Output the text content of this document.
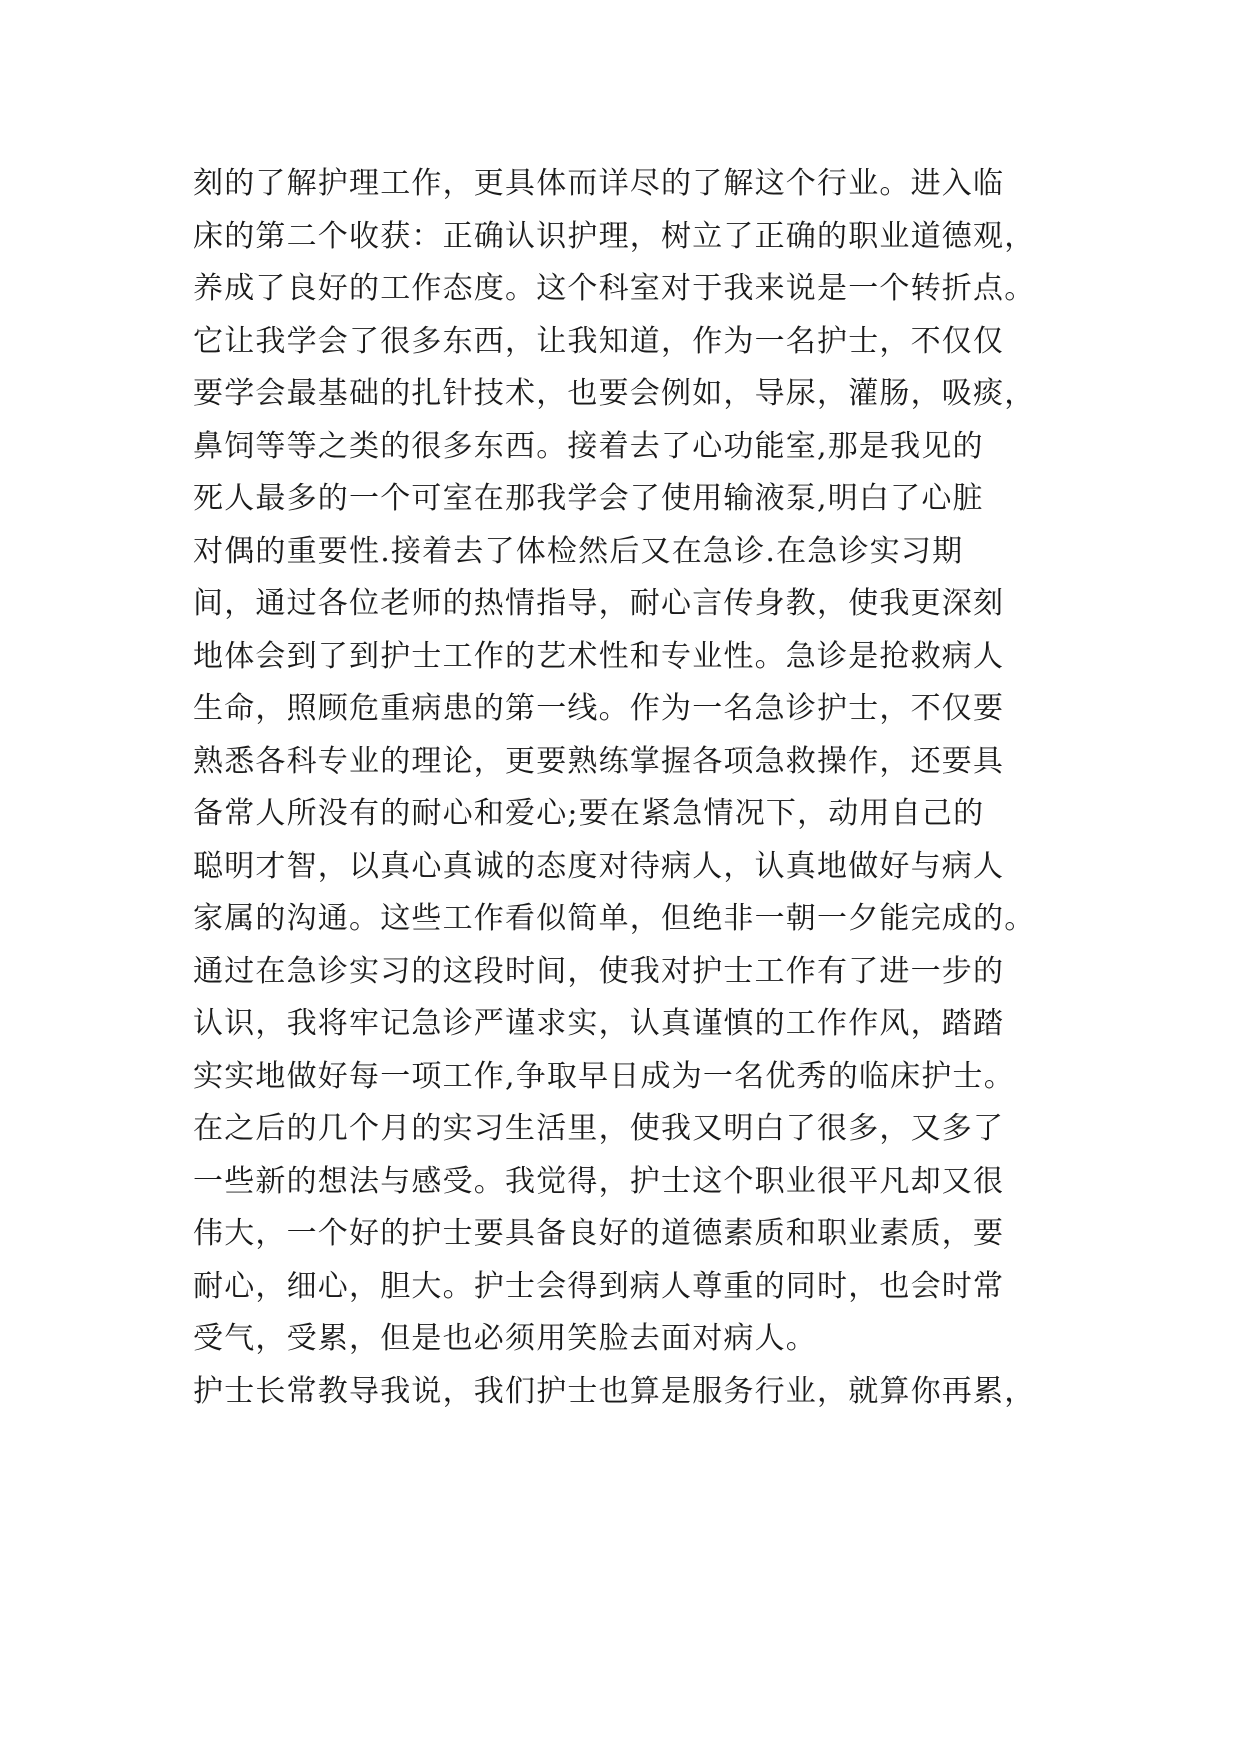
刻的了解护理工作，更具体而详尽的了解这个行业。进入临
床的第二个收获：正确认识护理，树立了正确的职业道德观，
养成了良好的工作态度。这个科室对于我来说是一个转折点。
它让我学会了很多东西，让我知道，作为一名护士，不仅仅
要学会最基础的扎针技术，也要会例如，导尿，灌肠，吸痰，
鼻饲等等之类的很多东西。接着去了心功能室,那是我见的
死人最多的一个可室在那我学会了使用输液泵,明白了心脏
对偶的重要性.接着去了体检然后又在急诊.在急诊实习期
间，通过各位老师的热情指导，耐心言传身教，使我更深刻
地体会到了到护士工作的艺术性和专业性。急诊是抢救病人
生命，照顾危重病患的第一线。作为一名急诊护士，不仅要
熟悉各科专业的理论，更要熟练掌握各项急救操作，还要具
备常人所没有的耐心和爱心;要在紧急情况下，动用自己的
聪明才智，以真心真诚的态度对待病人，认真地做好与病人
家属的沟通。这些工作看似简单，但绝非一朝一夕能完成的。
通过在急诊实习的这段时间，使我对护士工作有了进一步的
认识，我将牢记急诊严谨求实，认真谨慎的工作作风，踏踏
实实地做好每一项工作,争取早日成为一名优秀的临床护士。
在之后的几个月的实习生活里，使我又明白了很多，又多了
一些新的想法与感受。我觉得，护士这个职业很平凡却又很
伟大，一个好的护士要具备良好的道德素质和职业素质，要
耐心，细心，胆大。护士会得到病人尊重的同时，也会时常
受气，受累，但是也必须用笑脸去面对病人。
护士长常教导我说，我们护士也算是服务行业，就算你再累，
